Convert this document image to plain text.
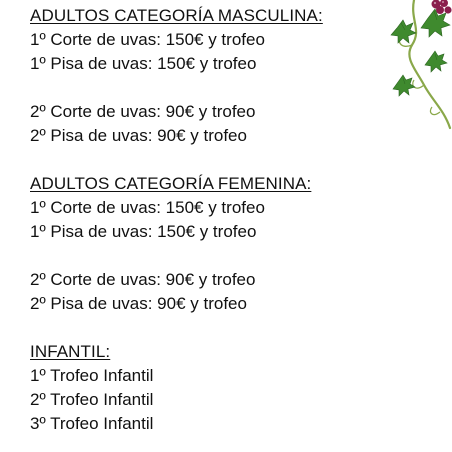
ADULTOS CATEGORÍA MASCULINA:
1º Corte de uvas: 150€ y trofeo
1º Pisa de uvas: 150€ y trofeo
2º Corte de uvas: 90€ y trofeo
2º Pisa de uvas: 90€ y trofeo
ADULTOS CATEGORÍA FEMENINA:
1º Corte de uvas: 150€ y trofeo
1º Pisa de uvas: 150€ y trofeo
2º Corte de uvas: 90€ y trofeo
2º Pisa de uvas: 90€ y trofeo
INFANTIL:
1º Trofeo Infantil
2º Trofeo Infantil
3º Trofeo Infantil
